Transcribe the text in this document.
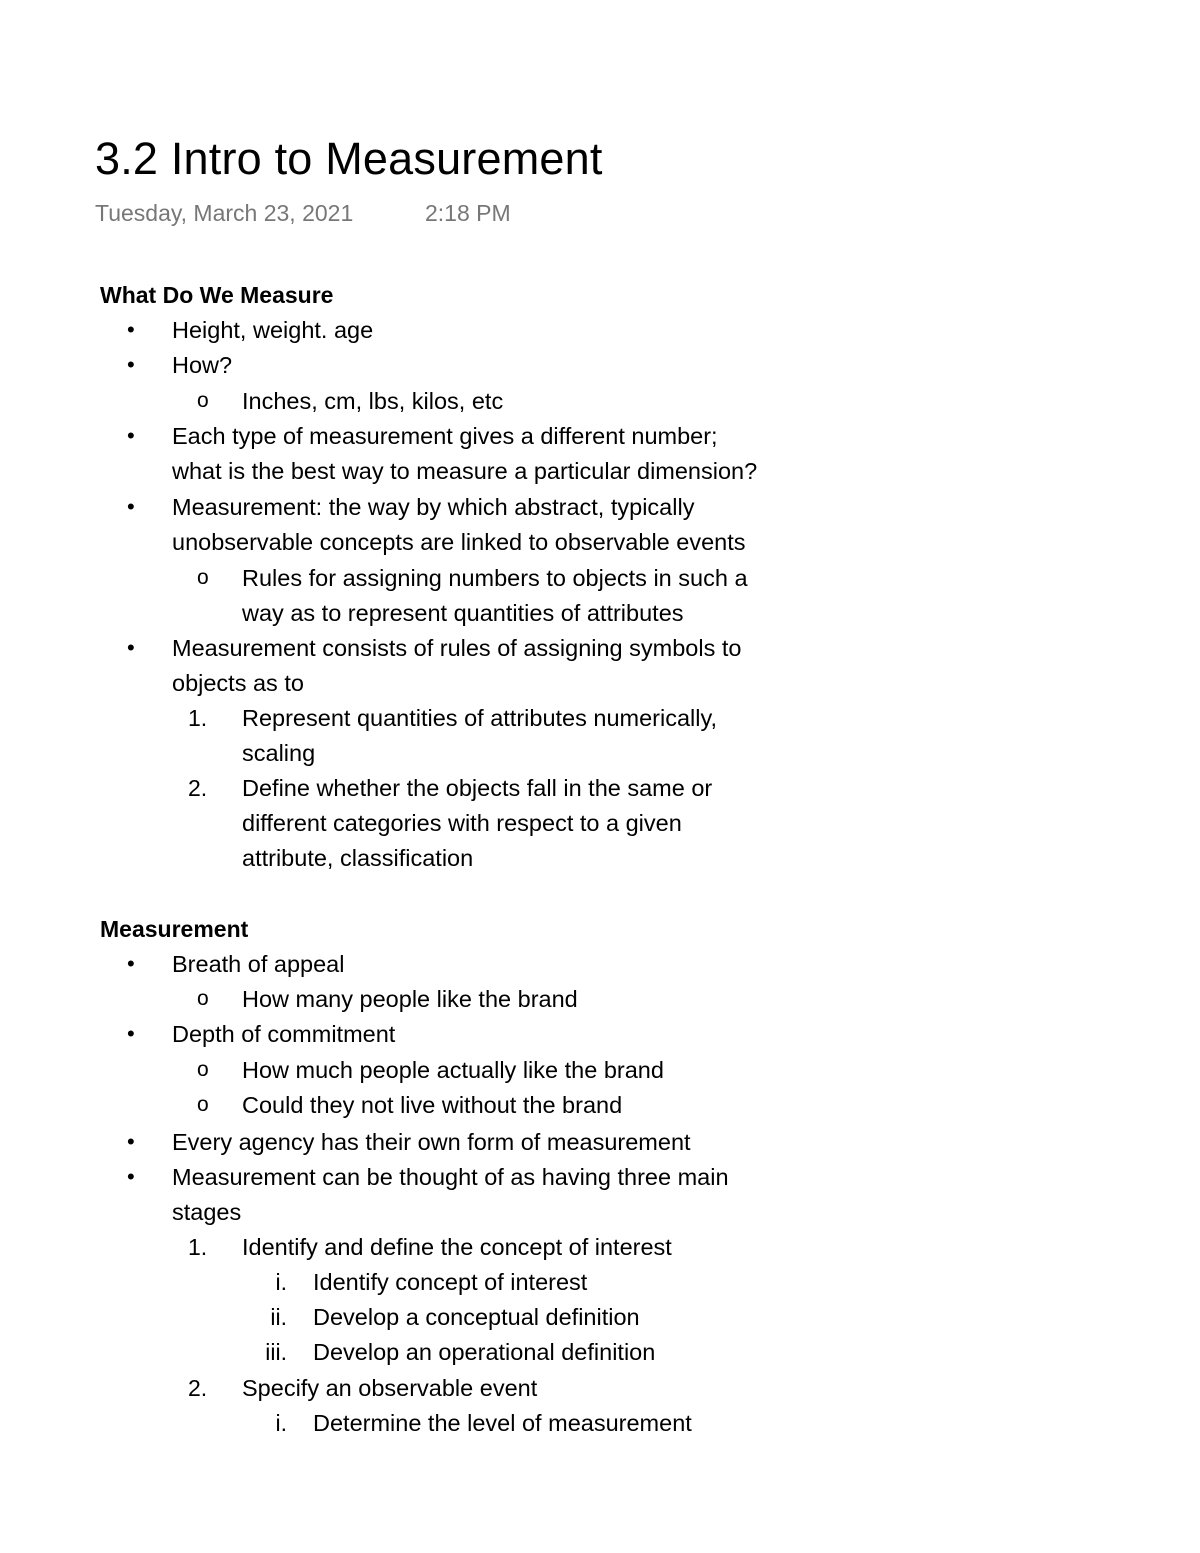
3.2 Intro to Measurement
Tuesday, March 23, 2021	2:18 PM
What Do We Measure
• Height, weight. age
• How?
o Inches, cm, lbs, kilos, etc
• Each type of measurement gives a different number;
what is the best way to measure a particular dimension?
• Measurement: the way by which abstract, typically
unobservable concepts are linked to observable events
o Rules for assigning numbers to objects in such a
way as to represent quantities of attributes
• Measurement consists of rules of assigning symbols to
objects as to
1. Represent quantities of attributes numerically,
scaling
2. Define whether the objects fall in the same or
different categories with respect to a given
attribute, classification
Measurement
• Breath of appeal
o How many people like the brand
• Depth of commitment
o How much people actually like the brand
o Could they not live without the brand
• Every agency has their own form of measurement
• Measurement can be thought of as having three main
stages
1. Identify and define the concept of interest
i. Identify concept of interest
ii. Develop a conceptual definition
iii. Develop an operational definition
2. Specify an observable event
i. Determine the level of measurement
